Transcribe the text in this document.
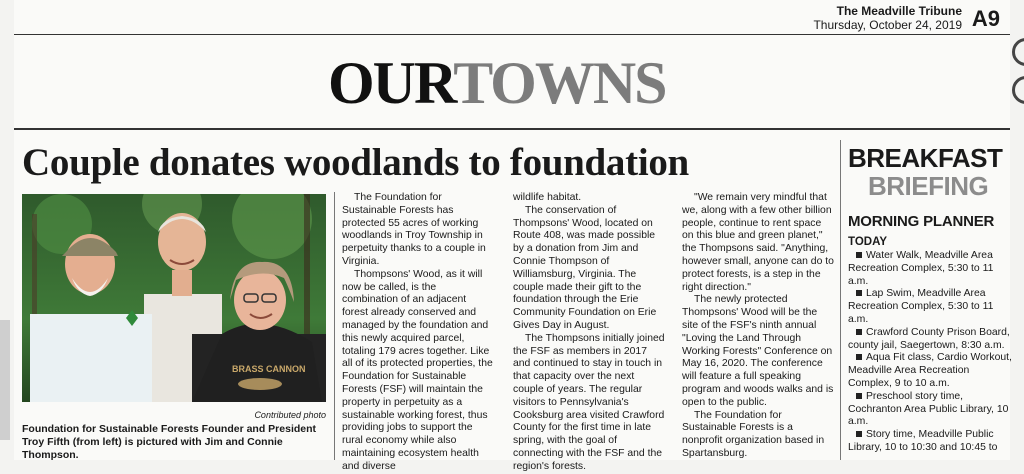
The Meadville Tribune
Thursday, October 24, 2019 A9
OURTOWNS
Couple donates woodlands to foundation
BRASS CANNON
Contributed photo
Foundation for Sustainable Forests Founder and President Troy Fifth (from left) is pictured with Jim and Connie Thompson.

The Foundation for Sustainable Forests has protected 55 acres of working woodlands in Troy Township in perpetuity thanks to a couple in Virginia.

Thompsons' Wood, as it will now be called, is the combination of an adjacent forest already conserved and managed by the foundation and this newly acquired parcel, totaling 179 acres together. Like all of its protected properties, the Foundation for Sustainable Forests (FSF) will maintain the property in perpetuity as a sustainable working forest, thus providing jobs to support the rural economy while also maintaining ecosystem health and diverse

wildlife habitat.

The conservation of Thompsons' Wood, located on Route 408, was made possible by a donation from Jim and Connie Thompson of Williamsburg, Virginia. The couple made their gift to the foundation through the Erie Community Foundation on Erie Gives Day in August.

The Thompsons initially joined the FSF as members in 2017 and continued to stay in touch in that capacity over the next couple of years. The regular visitors to Pennsylvania's Cooksburg area visited Crawford County for the first time in late spring, with the goal of connecting with the FSF and the region's forests.

"We remain very mindful that we, along with a few other billion people, continue to rent space on this blue and green planet," the Thompsons said. "Anything, however small, anyone can do to protect forests, is a step in the right direction."

The newly protected Thompsons' Wood will be the site of the FSF's ninth annual "Loving the Land Through Working Forests" Conference on May 16, 2020. The conference will feature a full speaking program and woods walks and is open to the public.

The Foundation for Sustainable Forests is a nonprofit organization based in Spartansburg.

BREAKFAST
BRIEFING
MORNING PLANNER
TODAY

Water Walk, Meadville Area Recreation Complex, 5:30 to 11 a.m.

Lap Swim, Meadville Area Recreation Complex, 5:30 to 11 a.m.

Crawford County Prison Board, county jail, Saegertown, 8:30 a.m.

Aqua Fit class, Cardio Workout, Meadville Area Recreation Complex, 9 to 10 a.m.

Preschool story time, Cochranton Area Public Library, 10 a.m.

Story time, Meadville Public Library, 10 to 10:30 and 10:45 to
